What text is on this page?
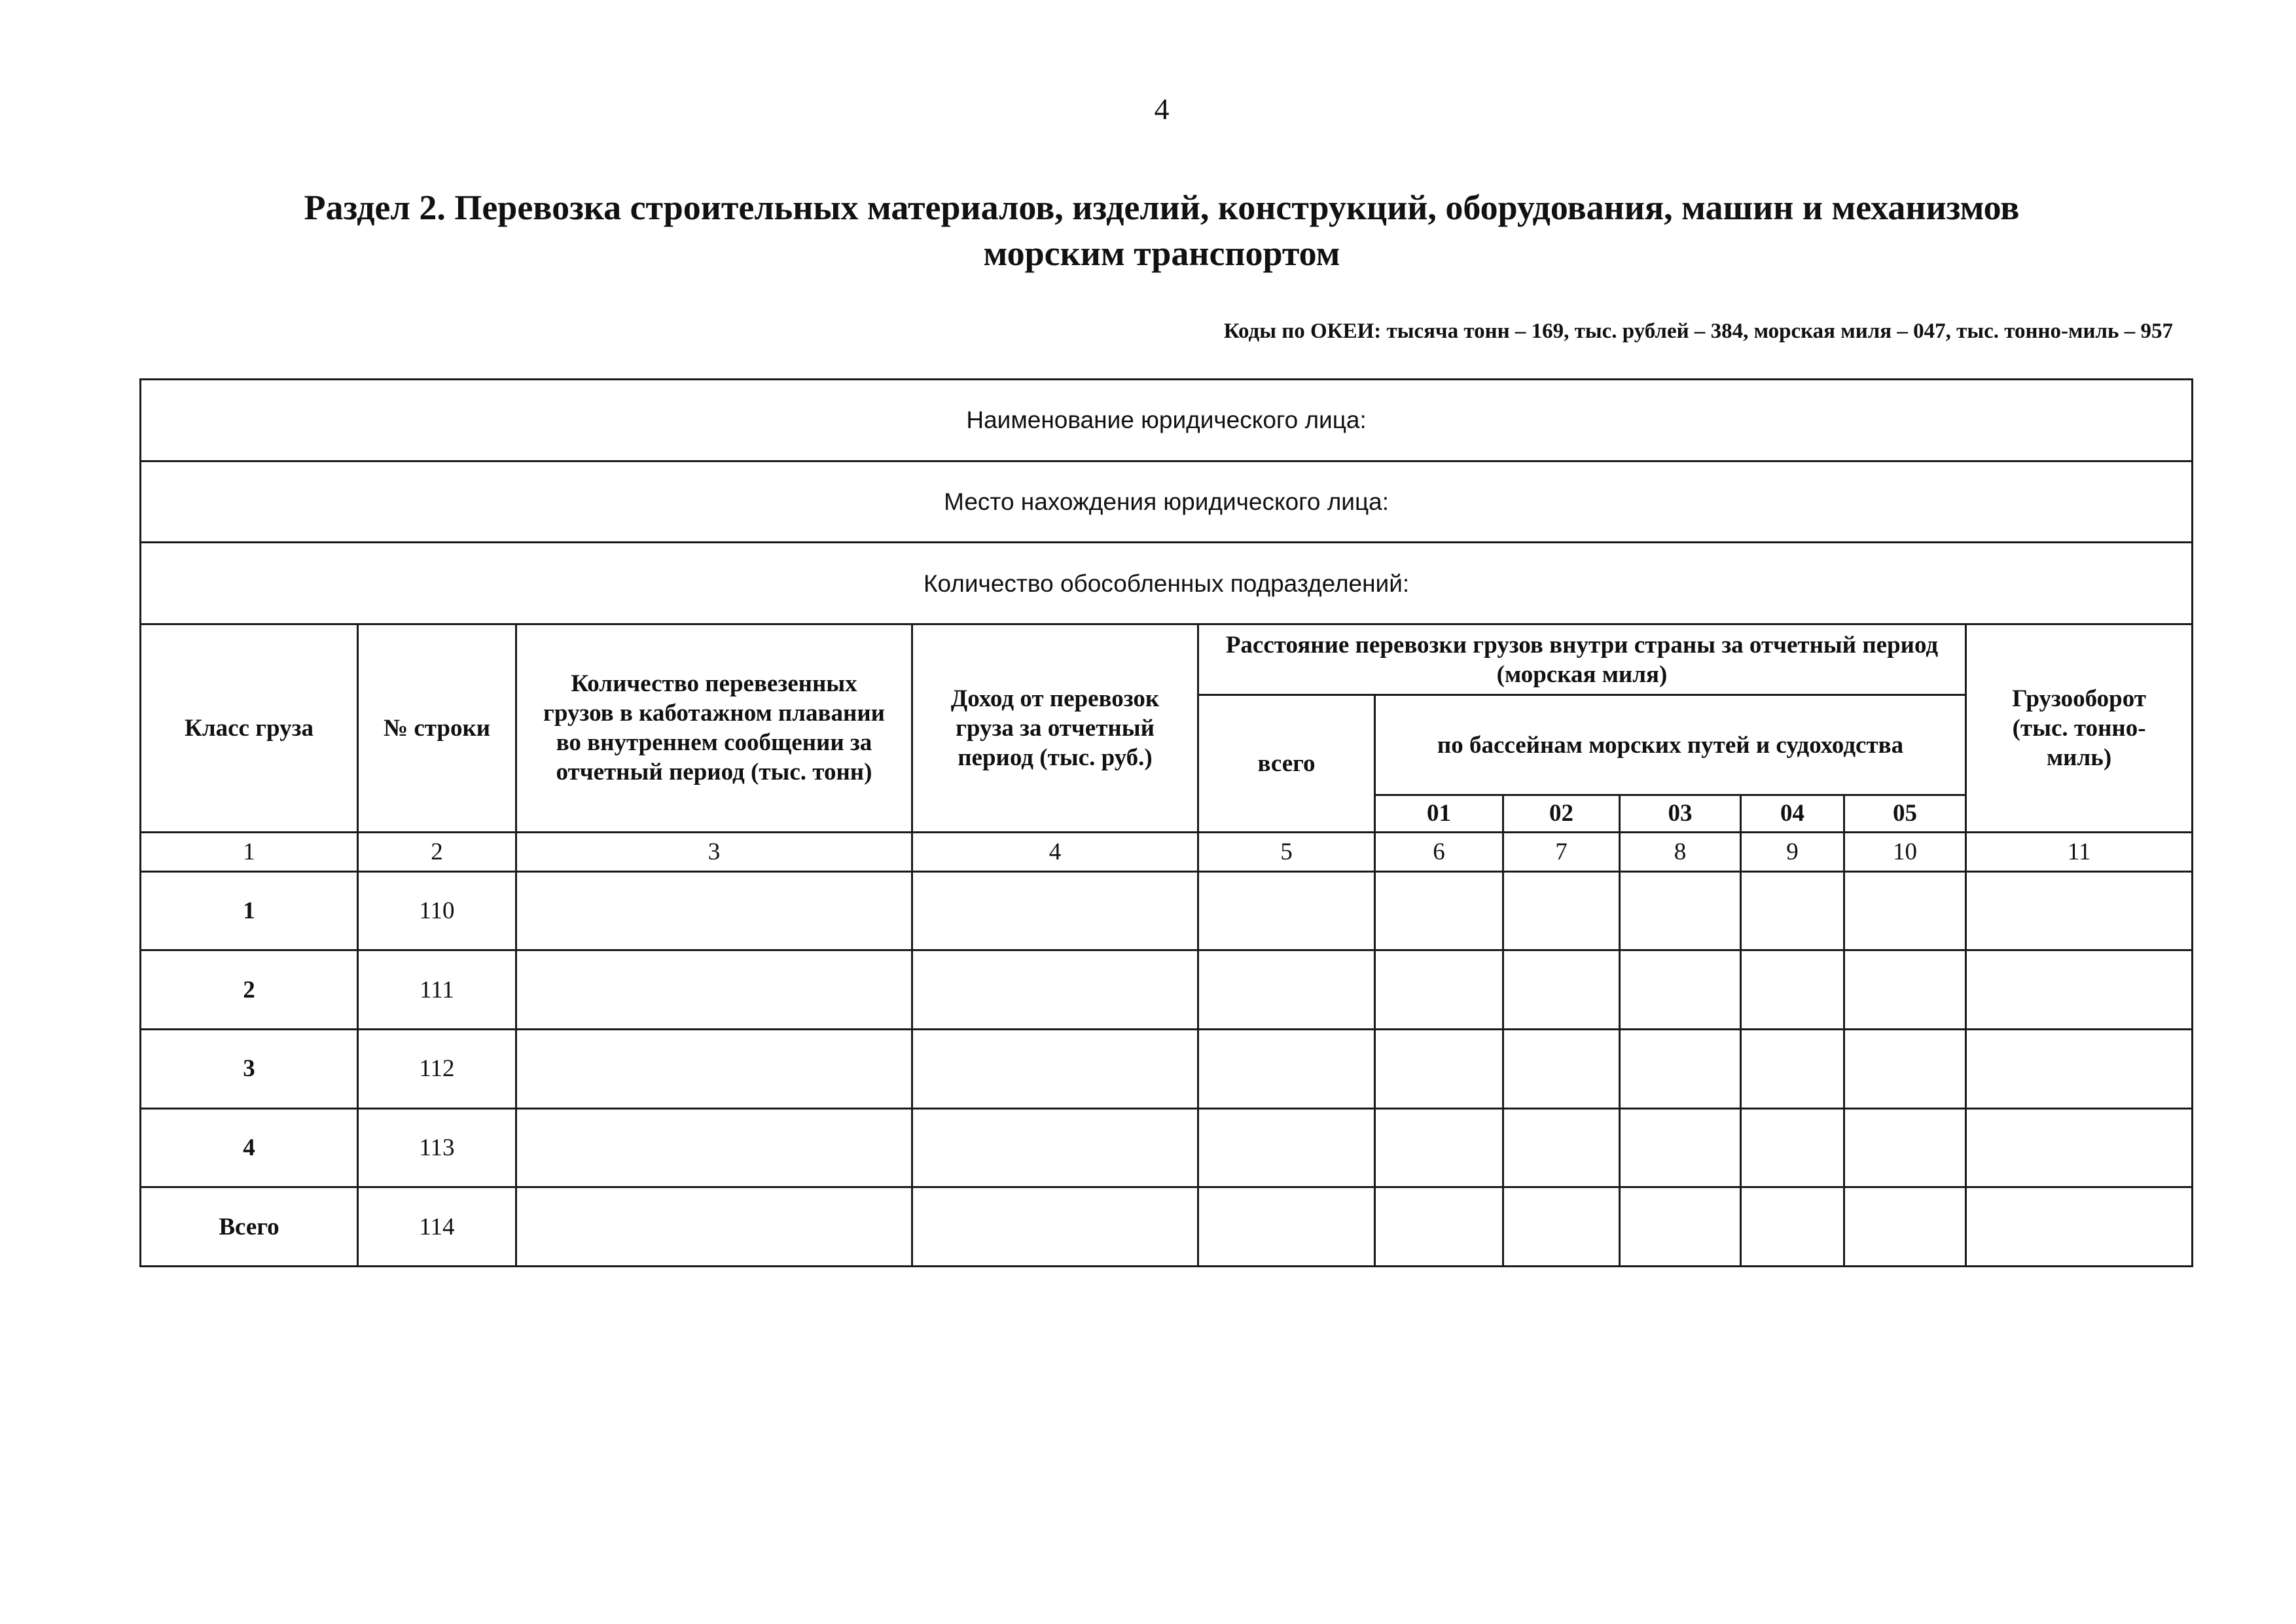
4
Раздел 2. Перевозка строительных материалов, изделий, конструкций, оборудования, машин и механизмов
морским транспортом
Коды по ОКЕИ: тысяча тонн – 169, тыс. рублей – 384, морская миля – 047, тыс. тонно-миль – 957
Наименование юридического лица:										
Место нахождения юридического лица:										
Количество обособленных подразделений:										
Класс груза	№ строки	Количество перевезенных грузов в каботажном плавании во внутреннем сообщении за отчетный период (тыс. тонн)	Доход от перевозок груза за отчетный период (тыс. руб.)	Расстояние перевозки грузов внутри страны за отчетный период (морская миля)						Грузооборот (тыс. тонно-миль)
				всего	по бассейнам морских путей и судоходства					
					01	02	03	04	05	
1	2	3	4	5	6	7	8	9	10	11
1	110									
2	111									
3	112									
4	113									
Всего	114									
